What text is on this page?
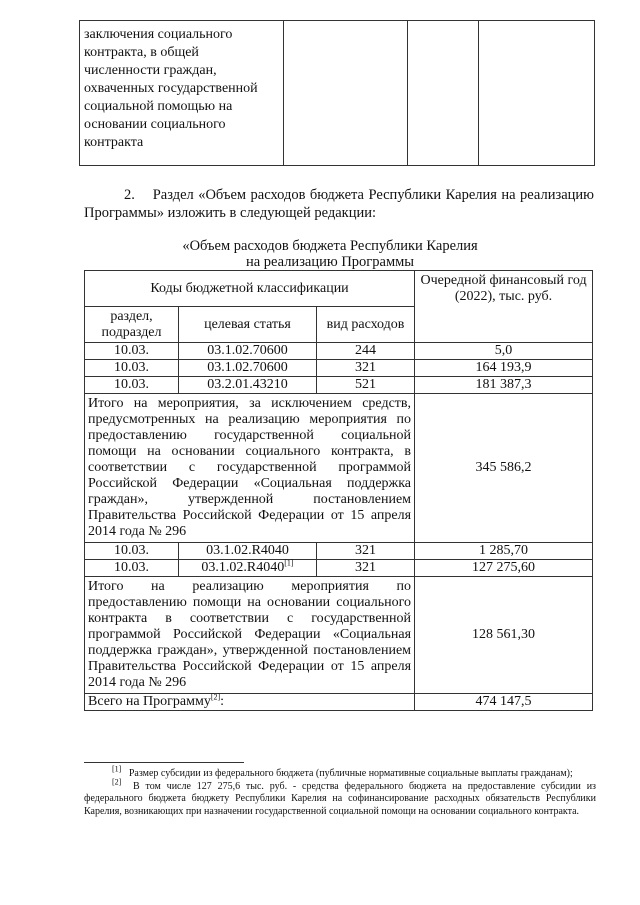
заключения социального
контракта, в общей
численности граждан,
охваченных государственной
социальной помощью на
основании социального
контракта

2. Раздел «Объем расходов бюджета Республики Карелия на реализацию Программы» изложить в следующей редакции:
«Объем расходов бюджета Республики Карелия
на реализацию Программы
Коды бюджетной классификации			Очередной финансовый год (2022), тыс. руб.
раздел, подраздел	целевая статья	вид расходов	
10.03.	03.1.02.70600	244	5,0
10.03.	03.1.02.70600	321	164 193,9
10.03.	03.2.01.43210	521	181 387,3
Итого на мероприятия, за исключением средств, предусмотренных на реализацию мероприятия по предоставлению государственной социальной помощи на основании социального контракта, в соответствии с государственной программой Российской Федерации «Социальная поддержка граждан», утвержденной постановлением Правительства Российской Федерации от 15 апреля 2014 года № 296			345 586,2
10.03.	03.1.02.R4040	321	1 285,70
10.03.	03.1.02.R4040[1]	321	127 275,60
Итого на реализацию мероприятия по предоставлению помощи на основании социального контракта в соответствии с государственной программой Российской Федерации «Социальная поддержка граждан», утвержденной постановлением Правительства Российской Федерации от 15 апреля 2014 года № 296			128 561,30
Всего на Программу[2]:			474 147,5

[1] Размер субсидии из федерального бюджета (публичные нормативные социальные выплаты гражданам);

[2] В том числе 127 275,6 тыс. руб. - средства федерального бюджета на предоставление субсидии из федерального бюджета бюджету Республики Карелия на софинансирование расходных обязательств Республики Карелия, возникающих при назначении государственной социальной помощи на основании социального контракта.
